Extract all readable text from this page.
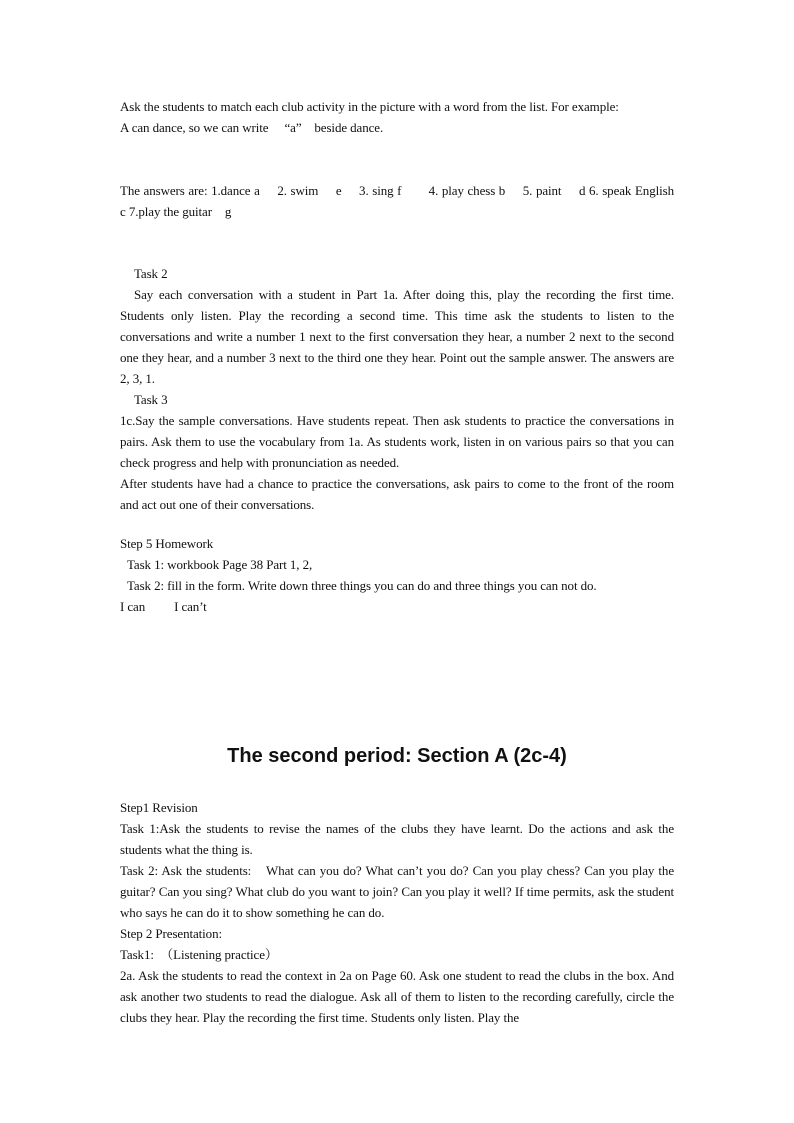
Ask the students to match each club activity in the picture with a word from the list. For example:

A can dance, so we can write　 “a”　beside dance.

The answers are: 1.dance a　 2. swim　 e　 3. sing f　　4. play chess b　 5. paint　 d 6. speak English　 c 7.play the guitar　g

Task 2

Say each conversation with a student in Part 1a. After doing this, play the recording the first time. Students only listen. Play the recording a second time. This time ask the students to listen to the conversations and write a number 1 next to the first conversation they hear, a number 2 next to the second one they hear, and a number 3 next to the third one they hear. Point out the sample answer. The answers are 2, 3, 1.

Task 3

1c.Say the sample conversations. Have students repeat. Then ask students to practice the conversations in pairs. Ask them to use the vocabulary from 1a. As students work, listen in on various pairs so that you can check progress and help with pronunciation as needed.

After students have had a chance to practice the conversations, ask pairs to come to the front of the room and act out one of their conversations.

Step 5 Homework

Task 1: workbook Page 38 Part 1, 2,

Task 2: fill in the form. Write down three things you can do and three things you can not do.

I can　　 I can’t

Step1 Revision

Task 1:Ask the students to revise the names of the clubs they have learnt. Do the actions and ask the students what the thing is.

Task 2: Ask the students:　What can you do? What can’t you do? Can you play chess? Can you play the guitar? Can you sing? What club do you want to join? Can you play it well? If time permits, ask the student who says he can do it to show something he can do.

Step 2 Presentation:

Task1:　（Listening practice）

2a. Ask the students to read the context in 2a on Page 60. Ask one student to read the clubs in the box. And ask another two students to read the dialogue. Ask all of them to listen to the recording carefully, circle the clubs they hear. Play the recording the first time. Students only listen. Play the

The second period: Section A (2c-4)
